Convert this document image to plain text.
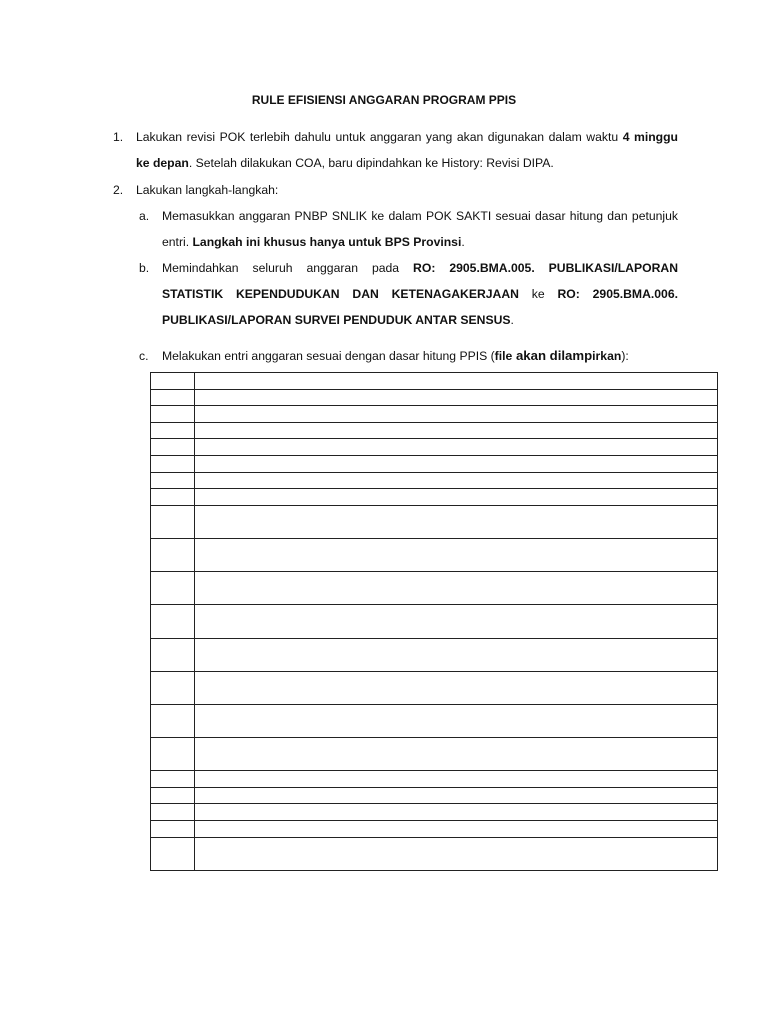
RULE EFISIENSI ANGGARAN PROGRAM PPIS
1. Lakukan revisi POK terlebih dahulu untuk anggaran yang akan digunakan dalam waktu 4 minggu ke depan. Setelah dilakukan COA, baru dipindahkan ke History: Revisi DIPA.
2. Lakukan langkah-langkah:
a. Memasukkan anggaran PNBP SNLIK ke dalam POK SAKTI sesuai dasar hitung dan petunjuk entri. Langkah ini khusus hanya untuk BPS Provinsi.
b. Memindahkan seluruh anggaran pada RO: 2905.BMA.005. PUBLIKASI/LAPORAN STATISTIK KEPENDUDUKAN DAN KETENAGAKERJAAN ke RO: 2905.BMA.006. PUBLIKASI/LAPORAN SURVEI PENDUDUK ANTAR SENSUS.
c. Melakukan entri anggaran sesuai dengan dasar hitung PPIS (file akan dilampirkan):
